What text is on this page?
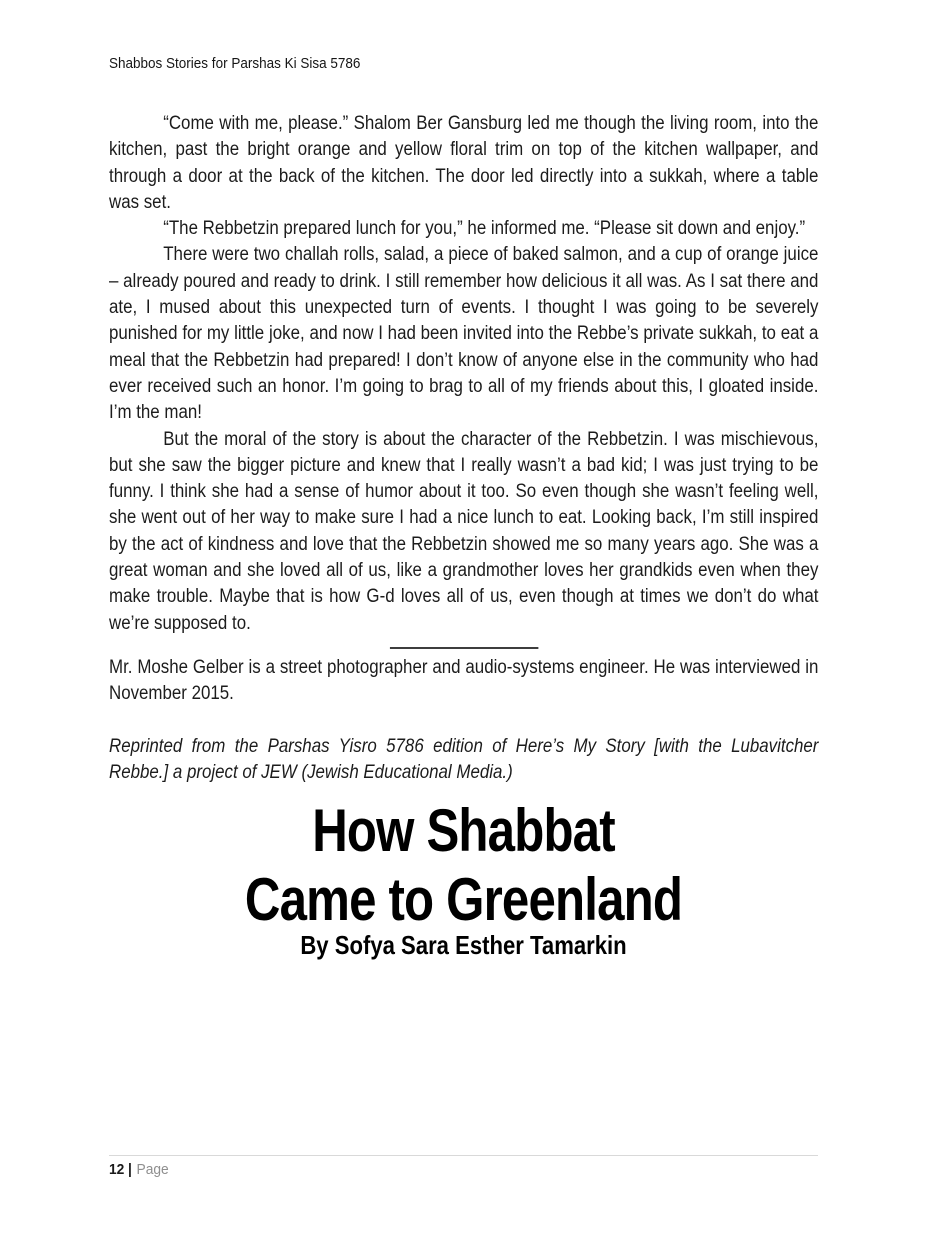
Shabbos Stories for Parshas Ki Sisa 5786

“Come with me, please.” Shalom Ber Gansburg led me though the living room, into the kitchen, past the bright orange and yellow floral trim on top of the kitchen wallpaper, and through a door at the back of the kitchen. The door led directly into a sukkah, where a table was set.

“The Rebbetzin prepared lunch for you,” he informed me. “Please sit down and enjoy.”

There were two challah rolls, salad, a piece of baked salmon, and a cup of orange juice – already poured and ready to drink. I still remember how delicious it all was. As I sat there and ate, I mused about this unexpected turn of events. I thought I was going to be severely punished for my little joke, and now I had been invited into the Rebbe’s private sukkah, to eat a meal that the Rebbetzin had prepared! I don’t know of anyone else in the community who had ever received such an honor. I’m going to brag to all of my friends about this, I gloated inside. I’m the man!

But the moral of the story is about the character of the Rebbetzin. I was mischievous, but she saw the bigger picture and knew that I really wasn’t a bad kid; I was just trying to be funny. I think she had a sense of humor about it too. So even though she wasn’t feeling well, she went out of her way to make sure I had a nice lunch to eat. Looking back, I’m still inspired by the act of kindness and love that the Rebbetzin showed me so many years ago. She was a great woman and she loved all of us, like a grandmother loves her grandkids even when they make trouble. Maybe that is how G-d loves all of us, even though at times we don’t do what we’re supposed to.

Mr. Moshe Gelber is a street photographer and audio-systems engineer. He was interviewed in November 2015.

Reprinted from the Parshas Yisro 5786 edition of Here’s My Story [with the Lubavitcher Rebbe.] a project of JEW (Jewish Educational Media.)

How Shabbat
Came to Greenland
By Sofya Sara Esther Tamarkin
12 | Page
